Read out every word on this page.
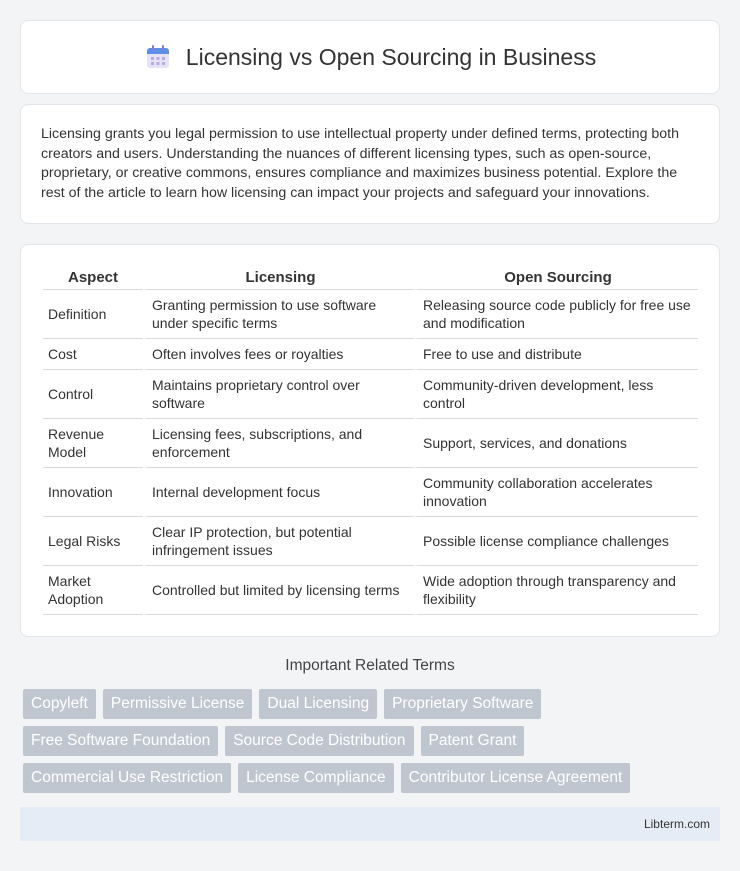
Licensing vs Open Sourcing in Business

Licensing grants you legal permission to use intellectual property under defined terms, protecting both creators and users. Understanding the nuances of different licensing types, such as open-source, proprietary, or creative commons, ensures compliance and maximizes business potential. Explore the rest of the article to learn how licensing can impact your projects and safeguard your innovations.

Aspect	Licensing	Open Sourcing
Definition	Granting permission to use software under specific terms	Releasing source code publicly for free use and modification
Cost	Often involves fees or royalties	Free to use and distribute
Control	Maintains proprietary control over software	Community-driven development, less control
Revenue Model	Licensing fees, subscriptions, and enforcement	Support, services, and donations
Innovation	Internal development focus	Community collaboration accelerates innovation
Legal Risks	Clear IP protection, but potential infringement issues	Possible license compliance challenges
Market Adoption	Controlled but limited by licensing terms	Wide adoption through transparency and flexibility
Important Related Terms
Copyleft	Permissive License	Dual Licensing	Proprietary Software
Free Software Foundation	Source Code Distribution	Patent Grant
Commercial Use Restriction	License Compliance	Contributor License Agreement
Libterm.com
